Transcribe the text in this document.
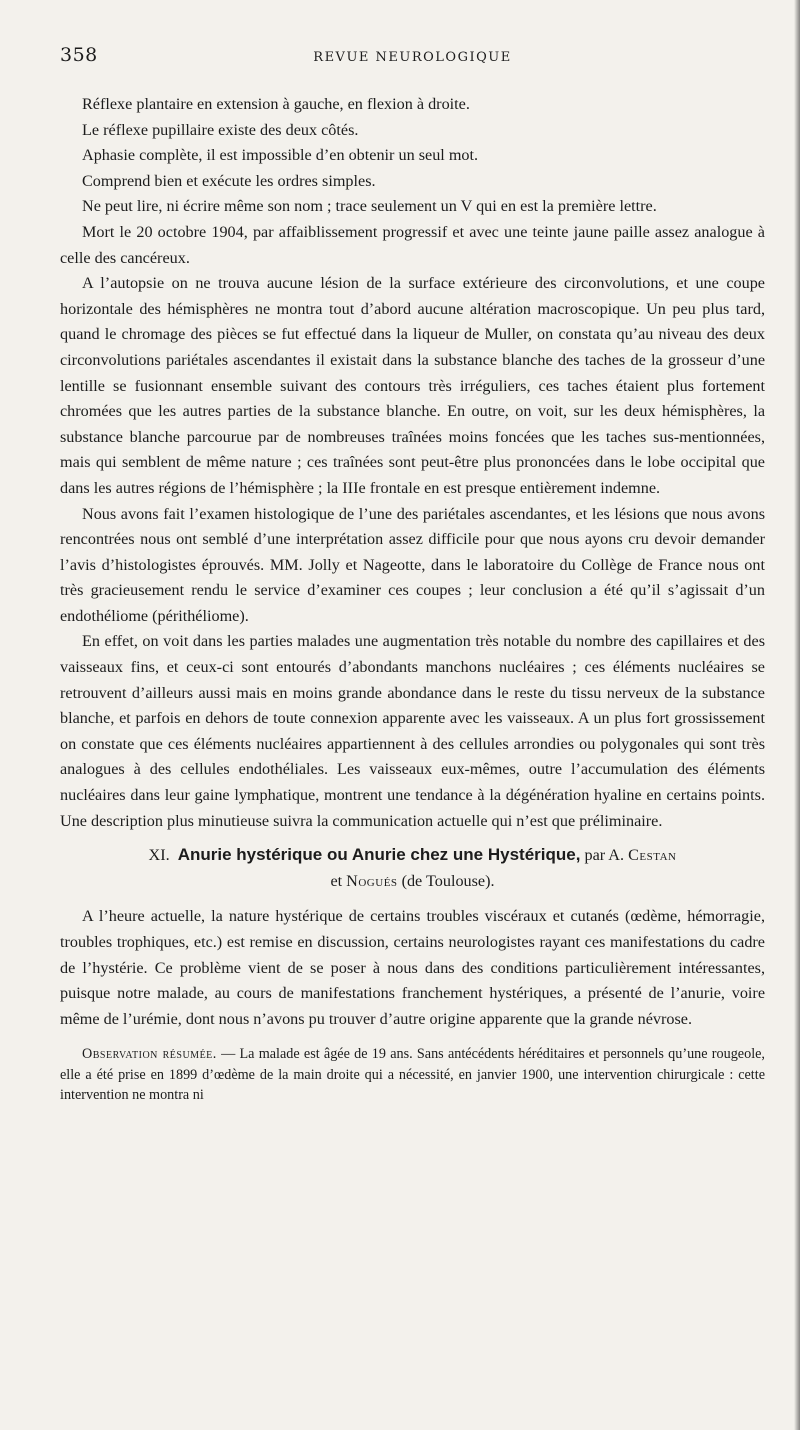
358	REVUE NEUROLOGIQUE

Réflexe plantaire en extension à gauche, en flexion à droite.

Le réflexe pupillaire existe des deux côtés.

Aphasie complète, il est impossible d’en obtenir un seul mot.

Comprend bien et exécute les ordres simples.

Ne peut lire, ni écrire même son nom ; trace seulement un V qui en est la première lettre.

Mort le 20 octobre 1904, par affaiblissement progressif et avec une teinte jaune paille assez analogue à celle des cancéreux.

A l’autopsie on ne trouva aucune lésion de la surface extérieure des circonvolutions, et une coupe horizontale des hémisphères ne montra tout d’abord aucune altération macroscopique. Un peu plus tard, quand le chromage des pièces se fut effectué dans la liqueur de Muller, on constata qu’au niveau des deux circonvolutions pariétales ascendantes il existait dans la substance blanche des taches de la grosseur d’une lentille se fusionnant ensemble suivant des contours très irréguliers, ces taches étaient plus fortement chromées que les autres parties de la substance blanche. En outre, on voit, sur les deux hémisphères, la substance blanche parcourue par de nombreuses traînées moins foncées que les taches sus-mentionnées, mais qui semblent de même nature ; ces traînées sont peut-être plus prononcées dans le lobe occipital que dans les autres régions de l’hémisphère ; la IIIe frontale en est presque entièrement indemne.

Nous avons fait l’examen histologique de l’une des pariétales ascendantes, et les lésions que nous avons rencontrées nous ont semblé d’une interprétation assez difficile pour que nous ayons cru devoir demander l’avis d’histologistes éprouvés. MM. Jolly et Nageotte, dans le laboratoire du Collège de France nous ont très gracieusement rendu le service d’examiner ces coupes ; leur conclusion a été qu’il s’agissait d’un endothéliome (périthéliome).

En effet, on voit dans les parties malades une augmentation très notable du nombre des capillaires et des vaisseaux fins, et ceux-ci sont entourés d’abondants manchons nucléaires ; ces éléments nucléaires se retrouvent d’ailleurs aussi mais en moins grande abondance dans le reste du tissu nerveux de la substance blanche, et parfois en dehors de toute connexion apparente avec les vaisseaux. A un plus fort grossissement on constate que ces éléments nucléaires appartiennent à des cellules arrondies ou polygonales qui sont très analogues à des cellules endothéliales. Les vaisseaux eux-mêmes, outre l’accumulation des éléments nucléaires dans leur gaine lymphatique, montrent une tendance à la dégénération hyaline en certains points. Une description plus minutieuse suivra la communication actuelle qui n’est que préliminaire.

XI. Anurie hystérique ou Anurie chez une Hystérique, par A. Cestan
et Nogués (de Toulouse).

A l’heure actuelle, la nature hystérique de certains troubles viscéraux et cutanés (œdème, hémorragie, troubles trophiques, etc.) est remise en discussion, certains neurologistes rayant ces manifestations du cadre de l’hystérie. Ce problème vient de se poser à nous dans des conditions particulièrement intéressantes, puisque notre malade, au cours de manifestations franchement hystériques, a présenté de l’anurie, voire même de l’urémie, dont nous n’avons pu trouver d’autre origine apparente que la grande névrose.

Observation résumée. — La malade est âgée de 19 ans. Sans antécédents héréditaires et personnels qu’une rougeole, elle a été prise en 1899 d’œdème de la main droite qui a nécessité, en janvier 1900, une intervention chirurgicale : cette intervention ne montra ni
